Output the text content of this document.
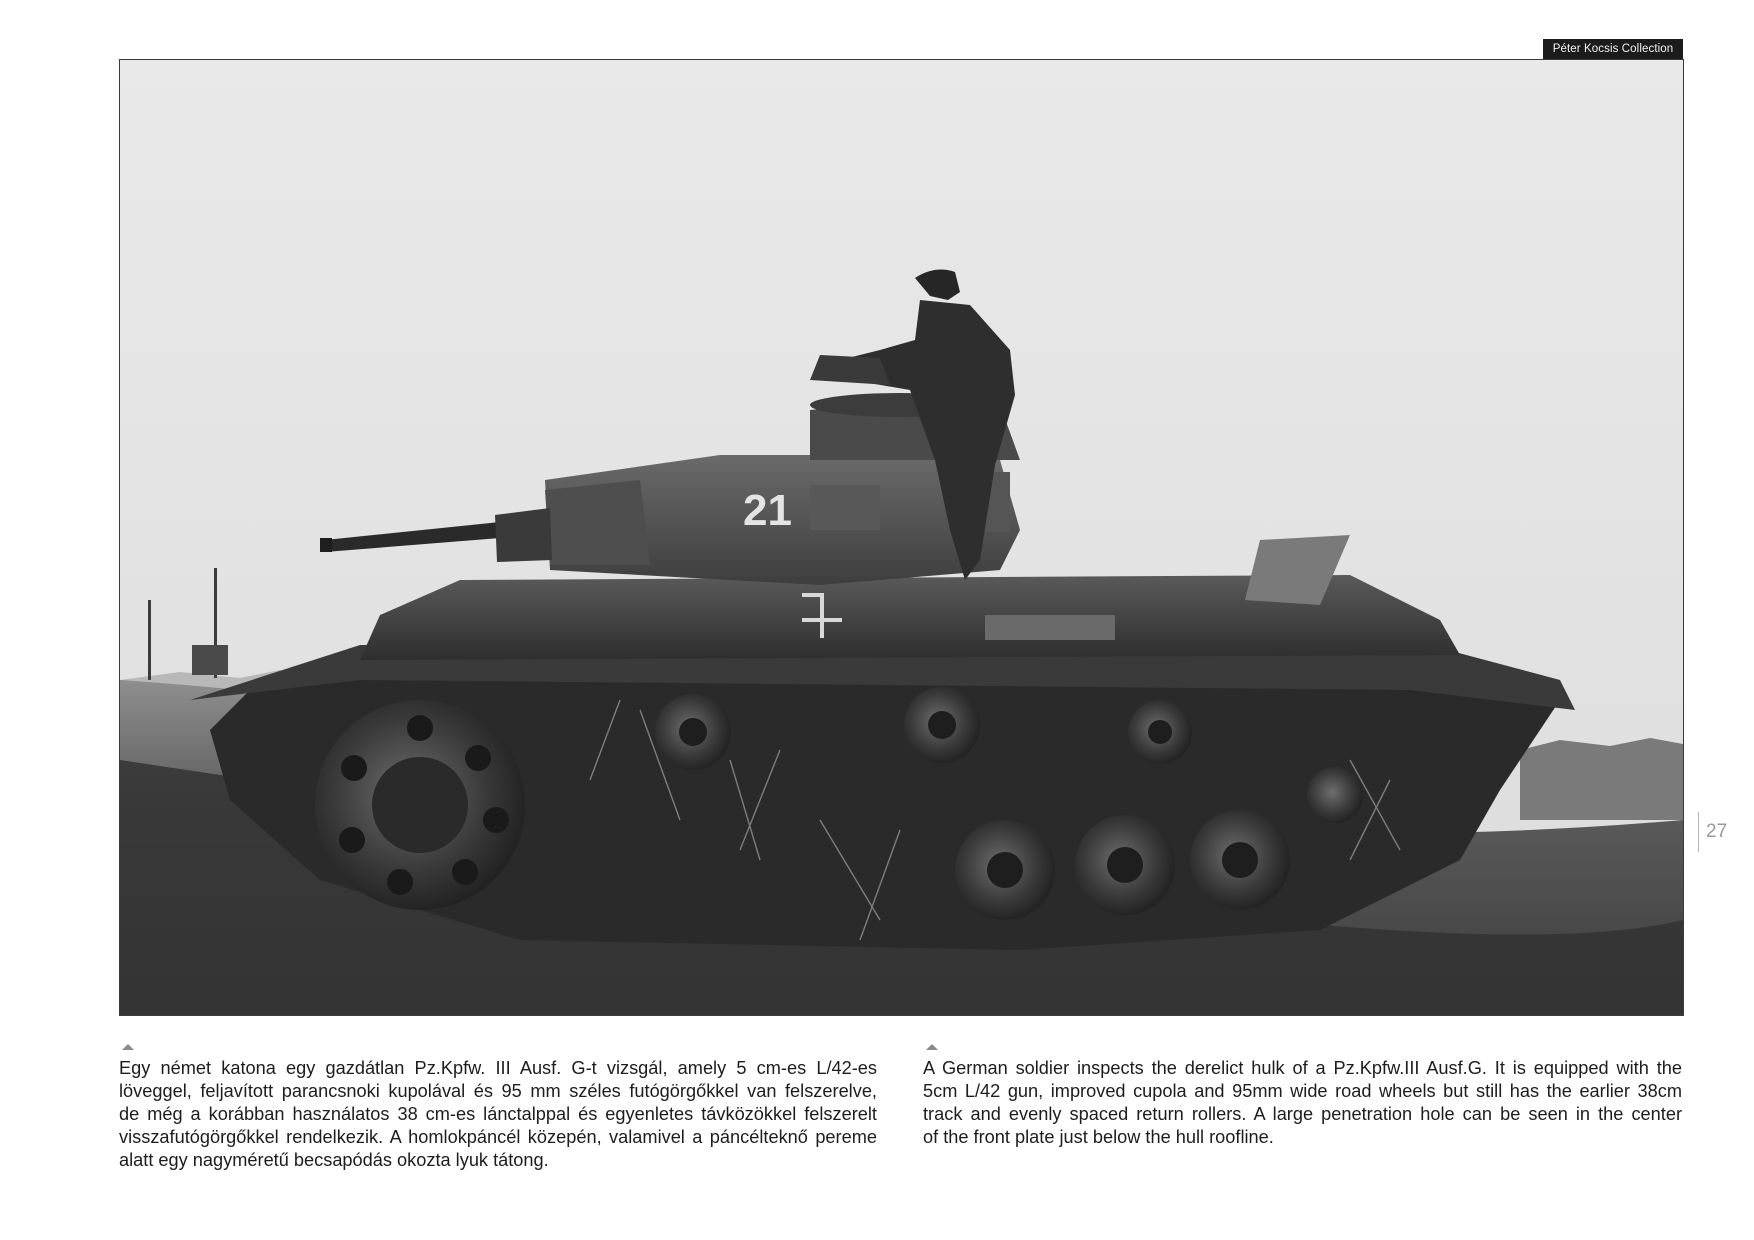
Péter Kocsis Collection
21
27
Egy német katona egy gazdátlan Pz.Kpfw. III Ausf. G-t vizsgál, amely 5 cm-es L/42-es
löveggel, feljavított parancsnoki kupolával és 95 mm széles futógörgőkkel van felszerelve,
de még a korábban használatos 38 cm-es lánctalppal és egyenletes távközökkel felszerelt
visszafutógörgőkkel rendelkezik. A homlokpáncél közepén, valamivel a páncélteknő pereme
alatt egy nagyméretű becsapódás okozta lyuk tátong.
A German soldier inspects the derelict hulk of a Pz.Kpfw.III Ausf.G. It is equipped with the
5cm L/42 gun, improved cupola and 95mm wide road wheels but still has the earlier 38cm
track and evenly spaced return rollers. A large penetration hole can be seen in the center
of the front plate just below the hull roofline.
